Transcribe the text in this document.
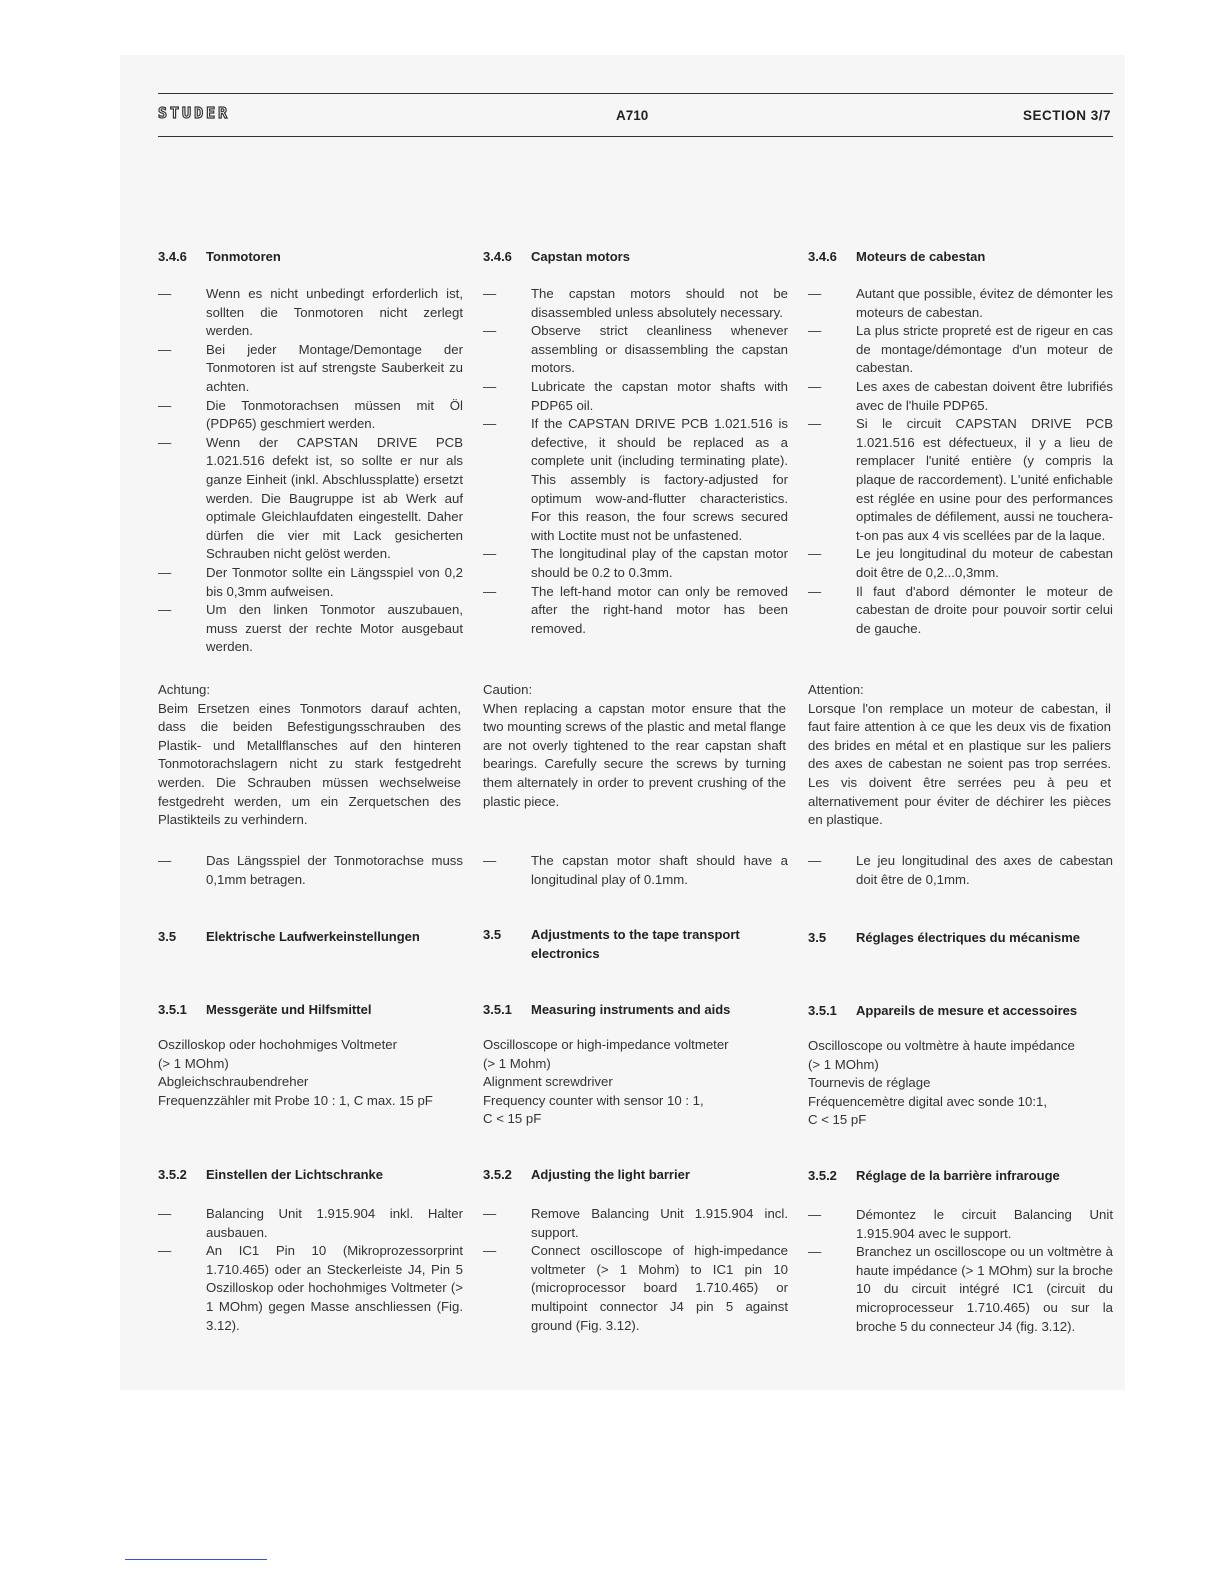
STUDER	A710	SECTION 3/7
3.4.6 Tonmotoren
— Wenn es nicht unbedingt erforderlich ist, sollten die Tonmotoren nicht zerlegt werden.
— Bei jeder Montage/Demontage der Tonmotoren ist auf strengste Sauberkeit zu achten.
— Die Tonmotorachsen müssen mit Öl (PDP65) geschmiert werden.
— Wenn der CAPSTAN DRIVE PCB 1.021.516 defekt ist, so sollte er nur als ganze Einheit (inkl. Abschlussplatte) ersetzt werden. Die Baugruppe ist ab Werk auf optimale Gleichlaufdaten eingestellt. Daher dürfen die vier mit Lack gesicherten Schrauben nicht gelöst werden.
— Der Tonmotor sollte ein Längsspiel von 0,2 bis 0,3mm aufweisen.
— Um den linken Tonmotor auszubauen, muss zuerst der rechte Motor ausgebaut werden.
Achtung:
Beim Ersetzen eines Tonmotors darauf achten, dass die beiden Befestigungsschrauben des Plastik- und Metallflansches auf den hinteren Tonmotorachslagern nicht zu stark festgedreht werden. Die Schrauben müssen wechselweise festgedreht werden, um ein Zerquetschen des Plastikteils zu verhindern.
— Das Längsspiel der Tonmotorachse muss 0,1mm betragen.
3.5 Elektrische Laufwerkeinstellungen
3.5.1 Messgeräte und Hilfsmittel
Oszilloskop oder hochohmiges Voltmeter
(> 1 MOhm)
Abgleichschraubendreher
Frequenzzähler mit Probe 10 : 1, C max. 15 pF
3.5.2 Einstellen der Lichtschranke
— Balancing Unit 1.915.904 inkl. Halter ausbauen.
— An IC1 Pin 10 (Mikroprozessorprint 1.710.465) oder an Steckerleiste J4, Pin 5 Oszilloskop oder hochohmiges Voltmeter (> 1 MOhm) gegen Masse anschliessen (Fig. 3.12).
3.4.6 Capstan motors
— The capstan motors should not be disassembled unless absolutely necessary.
— Observe strict cleanliness whenever assembling or disassembling the capstan motors.
— Lubricate the capstan motor shafts with PDP65 oil.
— If the CAPSTAN DRIVE PCB 1.021.516 is defective, it should be replaced as a complete unit (including terminating plate). This assembly is factory-adjusted for optimum wow-and-flutter characteristics. For this reason, the four screws secured with Loctite must not be unfastened.
— The longitudinal play of the capstan motor should be 0.2 to 0.3mm.
— The left-hand motor can only be removed after the right-hand motor has been removed.
Caution:
When replacing a capstan motor ensure that the two mounting screws of the plastic and metal flange are not overly tightened to the rear capstan shaft bearings. Carefully secure the screws by turning them alternately in order to prevent crushing of the plastic piece.
— The capstan motor shaft should have a longitudinal play of 0.1mm.
3.5 Adjustments to the tape transport electronics
3.5.1 Measuring instruments and aids
Oscilloscope or high-impedance voltmeter
(> 1 Mohm)
Alignment screwdriver
Frequency counter with sensor 10 : 1,
C < 15 pF
3.5.2 Adjusting the light barrier
— Remove Balancing Unit 1.915.904 incl. support.
— Connect oscilloscope of high-impedance voltmeter (> 1 Mohm) to IC1 pin 10 (microprocessor board 1.710.465) or multipoint connector J4 pin 5 against ground (Fig. 3.12).
3.4.6 Moteurs de cabestan
— Autant que possible, évitez de démonter les moteurs de cabestan.
— La plus stricte propreté est de rigeur en cas de montage/démontage d'un moteur de cabestan.
— Les axes de cabestan doivent être lubrifiés avec de l'huile PDP65.
— Si le circuit CAPSTAN DRIVE PCB 1.021.516 est défectueux, il y a lieu de remplacer l'unité entière (y compris la plaque de raccordement). L'unité enfichable est réglée en usine pour des performances optimales de défilement, aussi ne touchera-t-on pas aux 4 vis scellées par de la laque.
— Le jeu longitudinal du moteur de cabestan doit être de 0,2...0,3mm.
— Il faut d'abord démonter le moteur de cabestan de droite pour pouvoir sortir celui de gauche.
Attention:
Lorsque l'on remplace un moteur de cabestan, il faut faire attention à ce que les deux vis de fixation des brides en métal et en plastique sur les paliers des axes de cabestan ne soient pas trop serrées. Les vis doivent être serrées peu à peu et alternativement pour éviter de déchirer les pièces en plastique.
— Le jeu longitudinal des axes de cabestan doit être de 0,1mm.
3.5 Réglages électriques du mécanisme
3.5.1 Appareils de mesure et accessoires
Oscilloscope ou voltmètre à haute impédance
(> 1 MOhm)
Tournevis de réglage
Fréquencemètre digital avec sonde 10:1,
C < 15 pF
3.5.2 Réglage de la barrière infrarouge
— Démontez le circuit Balancing Unit 1.915.904 avec le support.
— Branchez un oscilloscope ou un voltmètre à haute impédance (> 1 MOhm) sur la broche 10 du circuit intégré IC1 (circuit du microprocesseur 1.710.465) ou sur la broche 5 du connecteur J4 (fig. 3.12).
